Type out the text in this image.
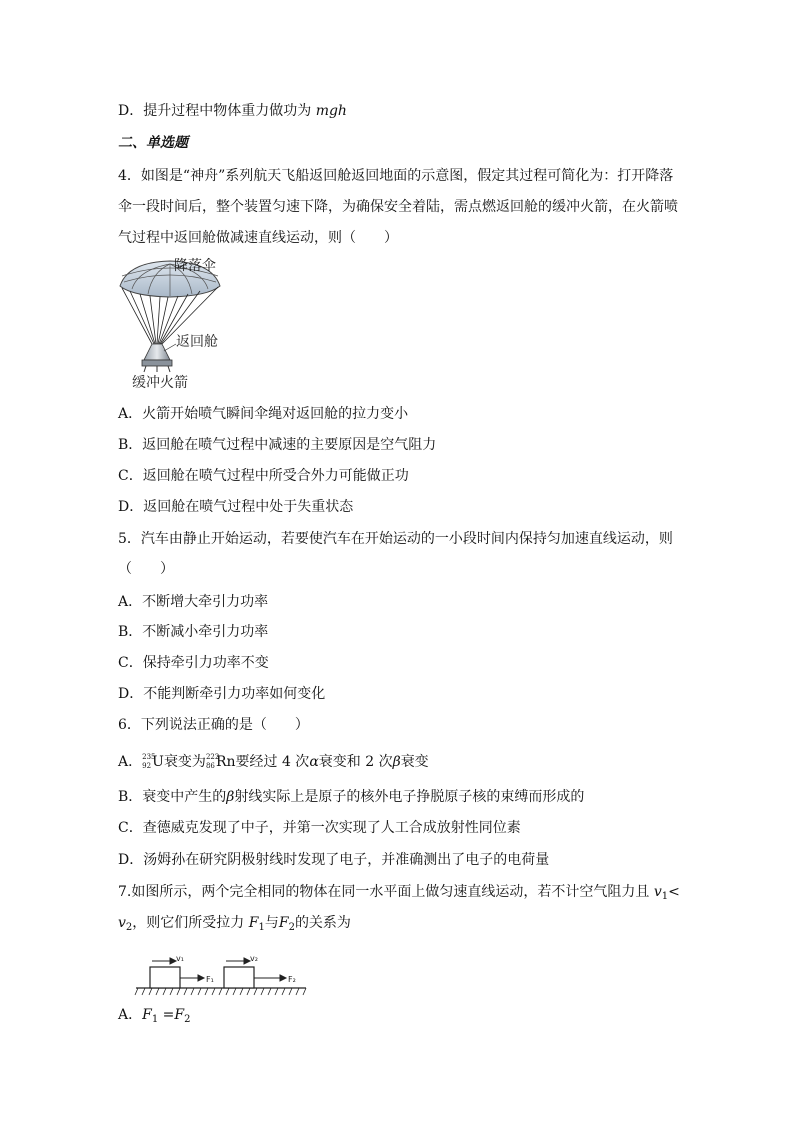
D．提升过程中物体重力做功为 mgh
二、单选题
4．如图是“神舟”系列航天飞船返回舱返回地面的示意图，假定其过程可简化为：打开降落
伞一段时间后，整个装置匀速下降，为确保安全着陆，需点燃返回舱的缓冲火箭，在火箭喷
气过程中返回舱做减速直线运动，则（　　）
降落伞
返回舱
缓冲火箭
A．火箭开始喷气瞬间伞绳对返回舱的拉力变小
B．返回舱在喷气过程中减速的主要原因是空气阻力
C．返回舱在喷气过程中所受合外力可能做正功
D．返回舱在喷气过程中处于失重状态
5．汽车由静止开始运动，若要使汽车在开始运动的一小段时间内保持匀加速直线运动，则
（　　）
A．不断增大牵引力功率
B．不断减小牵引力功率
C．保持牵引力功率不变
D．不能判断牵引力功率如何变化
6．下列说法正确的是（　　）
A． 235
92 U衰变为 222
86 Rn要经过 4 次α衰变和 2 次β衰变
B．衰变中产生的β射线实际上是原子的核外电子挣脱原子核的束缚而形成的
C．查德威克发现了中子，并第一次实现了人工合成放射性同位素
D．汤姆孙在研究阴极射线时发现了电子，并准确测出了电子的电荷量
7.如图所示，两个完全相同的物体在同一水平面上做匀速直线运动，若不计空气阻力且 $v_1<$
$v_2$，则它们所受拉力 $F_1$与$F_2$的关系为
v₁	v₂
F₁	F₂
A．$F_1 =F_2$
